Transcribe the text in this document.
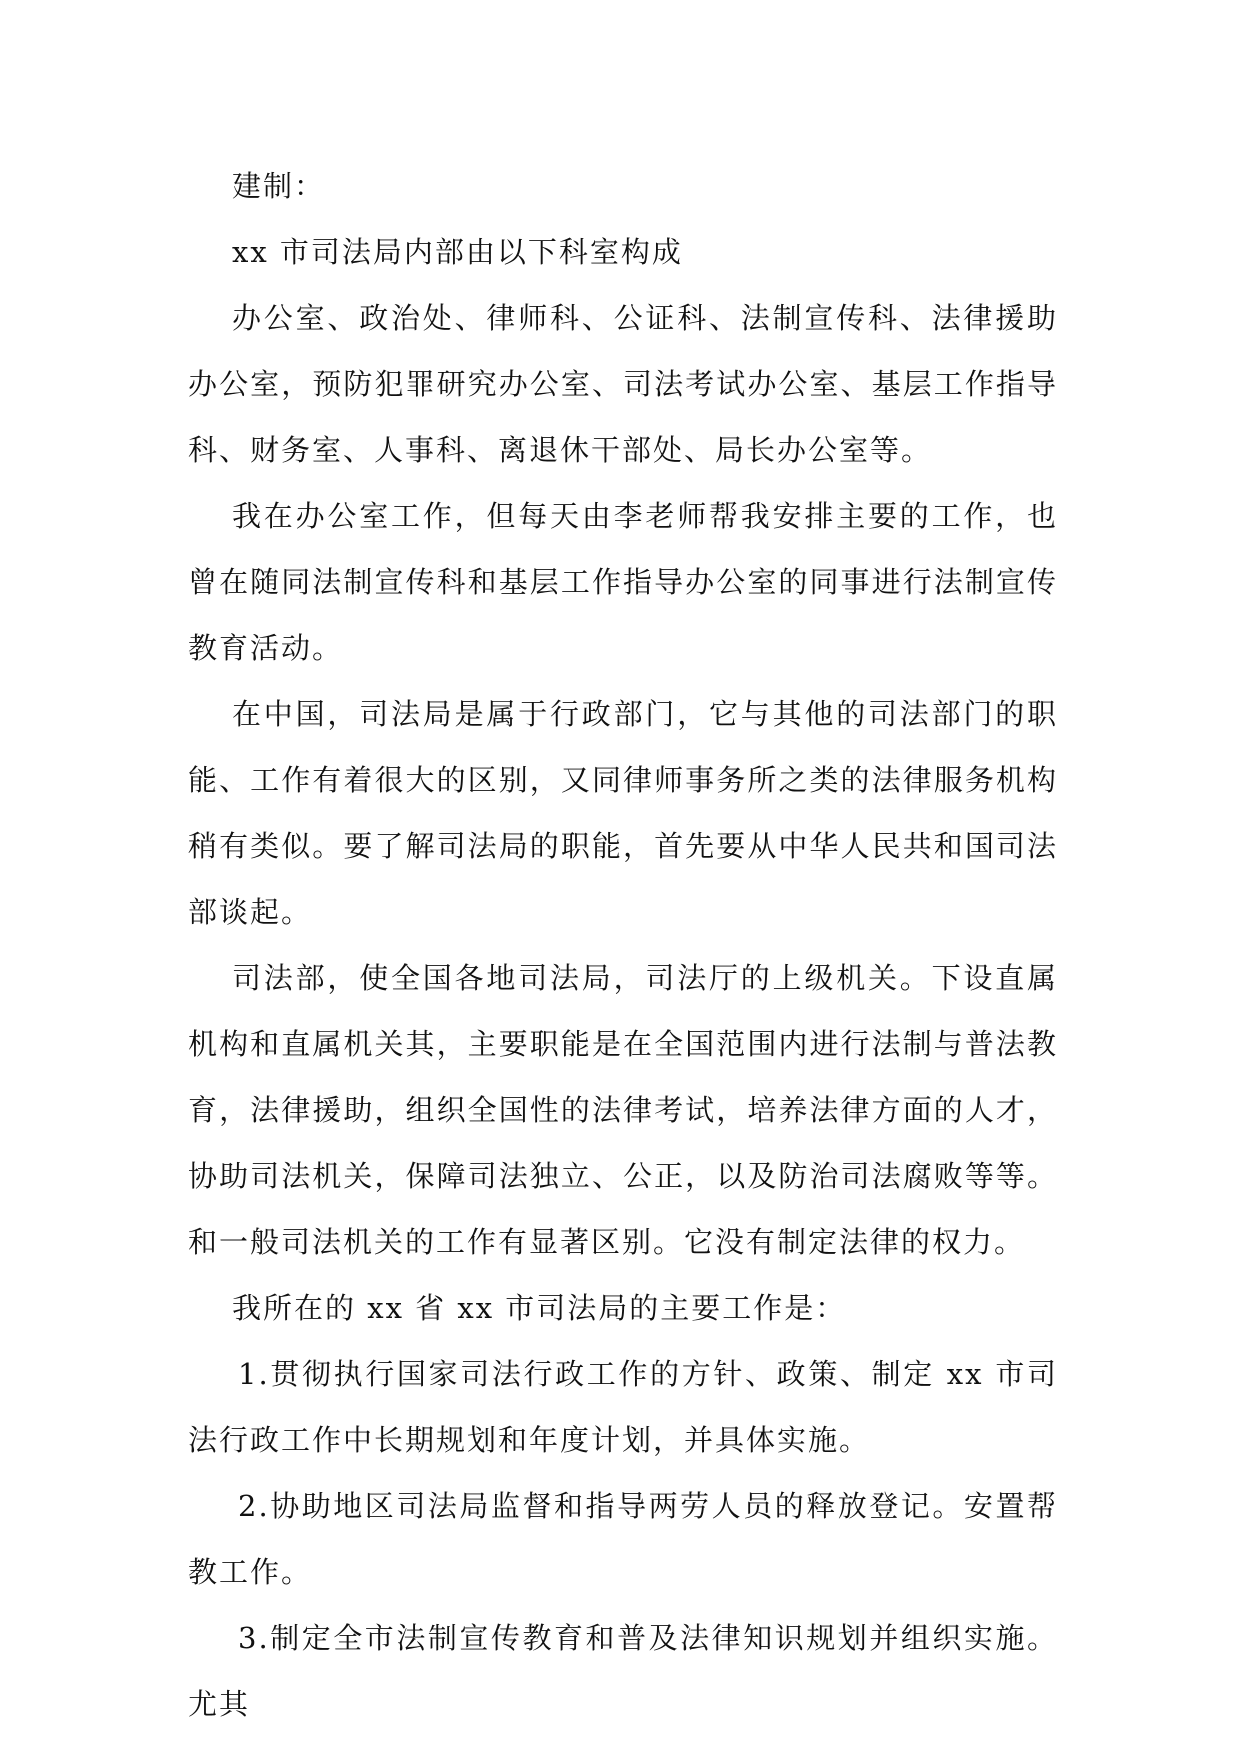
建制：

xx 市司法局内部由以下科室构成

办公室、政治处、律师科、公证科、法制宣传科、法律援助办公室，预防犯罪研究办公室、司法考试办公室、基层工作指导科、财务室、人事科、离退休干部处、局长办公室等。

我在办公室工作，但每天由李老师帮我安排主要的工作，也曾在随同法制宣传科和基层工作指导办公室的同事进行法制宣传教育活动。

在中国，司法局是属于行政部门，它与其他的司法部门的职能、工作有着很大的区别，又同律师事务所之类的法律服务机构稍有类似。要了解司法局的职能，首先要从中华人民共和国司法部谈起。

司法部，使全国各地司法局，司法厅的上级机关。下设直属机构和直属机关其，主要职能是在全国范围内进行法制与普法教育，法律援助，组织全国性的法律考试，培养法律方面的人才，协助司法机关，保障司法独立、公正，以及防治司法腐败等等。和一般司法机关的工作有显著区别。它没有制定法律的权力。

我所在的 xx 省 xx 市司法局的主要工作是：

1.贯彻执行国家司法行政工作的方针、政策、制定 xx 市司法行政工作中长期规划和年度计划，并具体实施。

2.协助地区司法局监督和指导两劳人员的释放登记。安置帮教工作。

3.制定全市法制宣传教育和普及法律知识规划并组织实施。尤其
